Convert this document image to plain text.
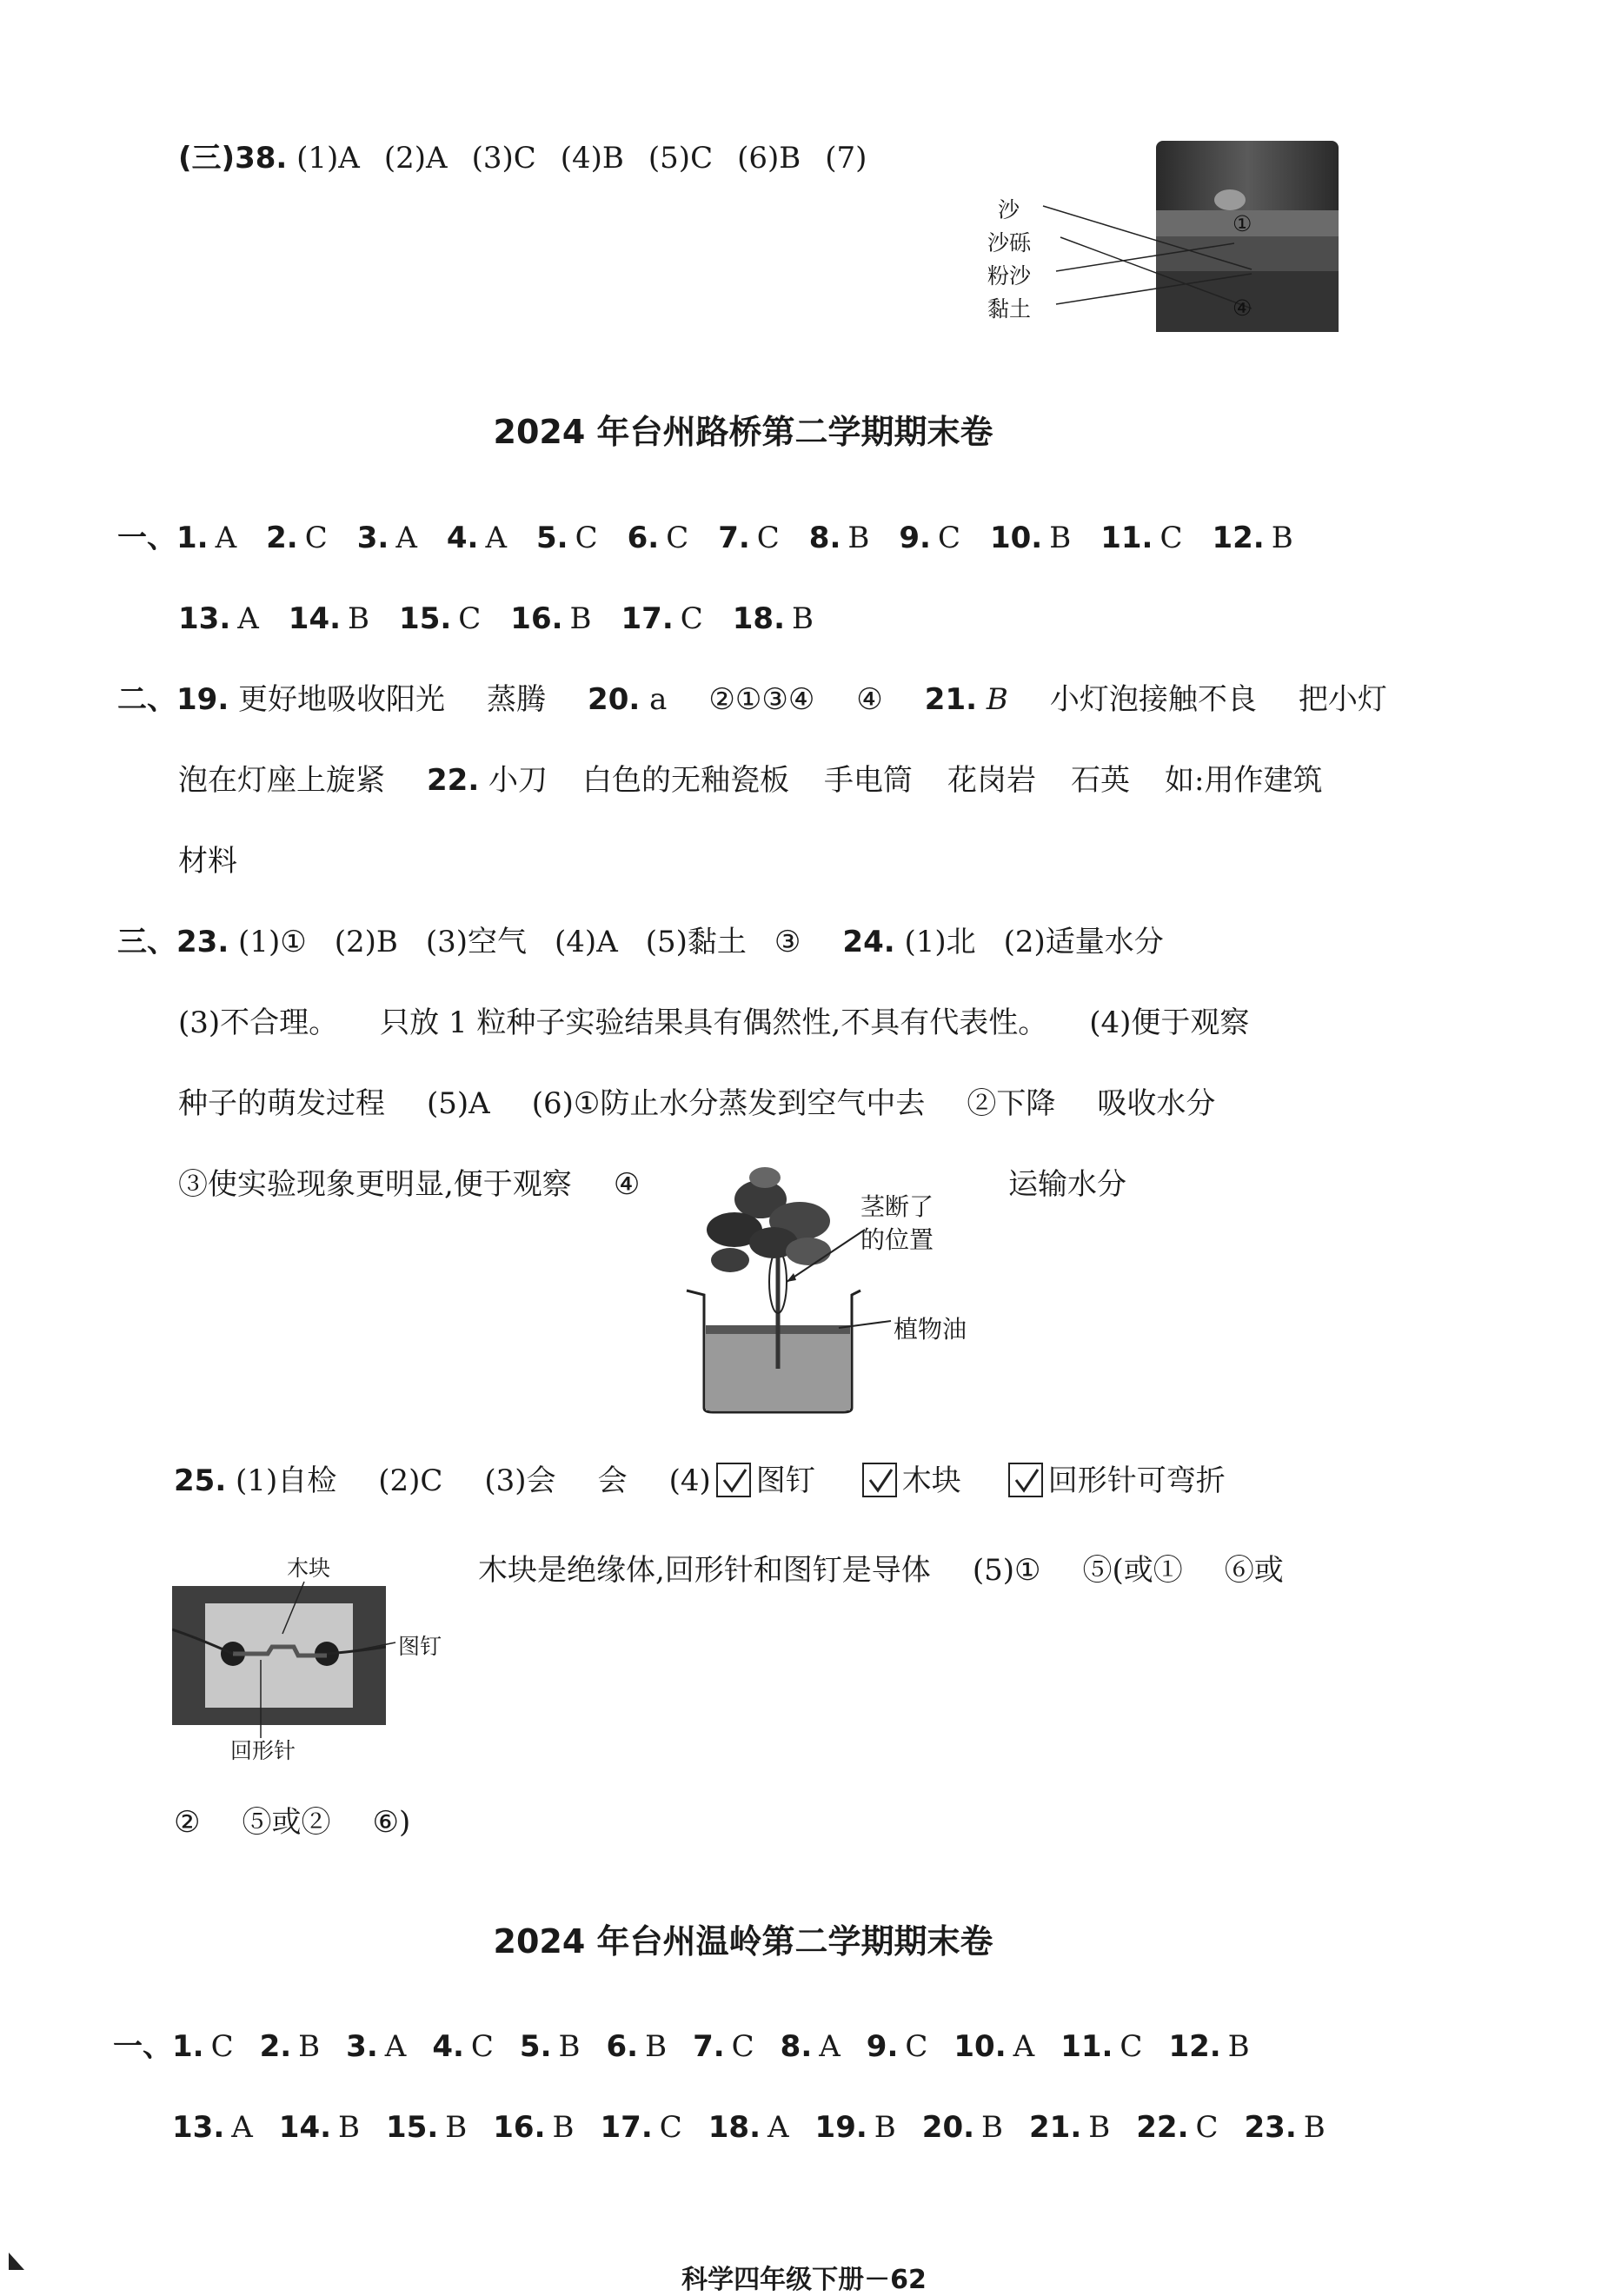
(三)38. (1)A (2)A (3)C (4)B (5)C (6)B (7)
沙
沙砾
粉沙
黏土
①
④
2024 年台州路桥第二学期期末卷
一、1. A 2. C 3. A 4. A 5. C 6. C 7. C 8. B 9. C 10. B 11. C 12. B
13. A 14. B 15. C 16. B 17. C 18. B
二、19. 更好地吸收阳光 蒸腾 20. a ②①③④ ④ 21. B 小灯泡接触不良 把小灯
泡在灯座上旋紧 22. 小刀 白色的无釉瓷板 手电筒 花岗岩 石英 如:用作建筑
材料
三、23. (1)① (2)B (3)空气 (4)A (5)黏土 ③ 24. (1)北 (2)适量水分
(3)不合理。 只放 1 粒种子实验结果具有偶然性,不具有代表性。 (4)便于观察
种子的萌发过程 (5)A (6)①防止水分蒸发到空气中去 ②下降 吸收水分
③使实验现象更明显,便于观察 ④	运输水分
茎断了
的位置
植物油
25. (1)自检 (2)C (3)会 会 (4) 图钉	木块	回形针可弯折
木块
图钉
回形针
木块是绝缘体,回形针和图钉是导体 (5)① ⑤(或① ⑥或
② ⑤或② ⑥)
2024 年台州温岭第二学期期末卷
一、1. C 2. B 3. A 4. C 5. B 6. B 7. C 8. A 9. C 10. A 11. C 12. B
13. A 14. B 15. B 16. B 17. C 18. A 19. B 20. B 21. B 22. C 23. B
科学四年级下册－62
